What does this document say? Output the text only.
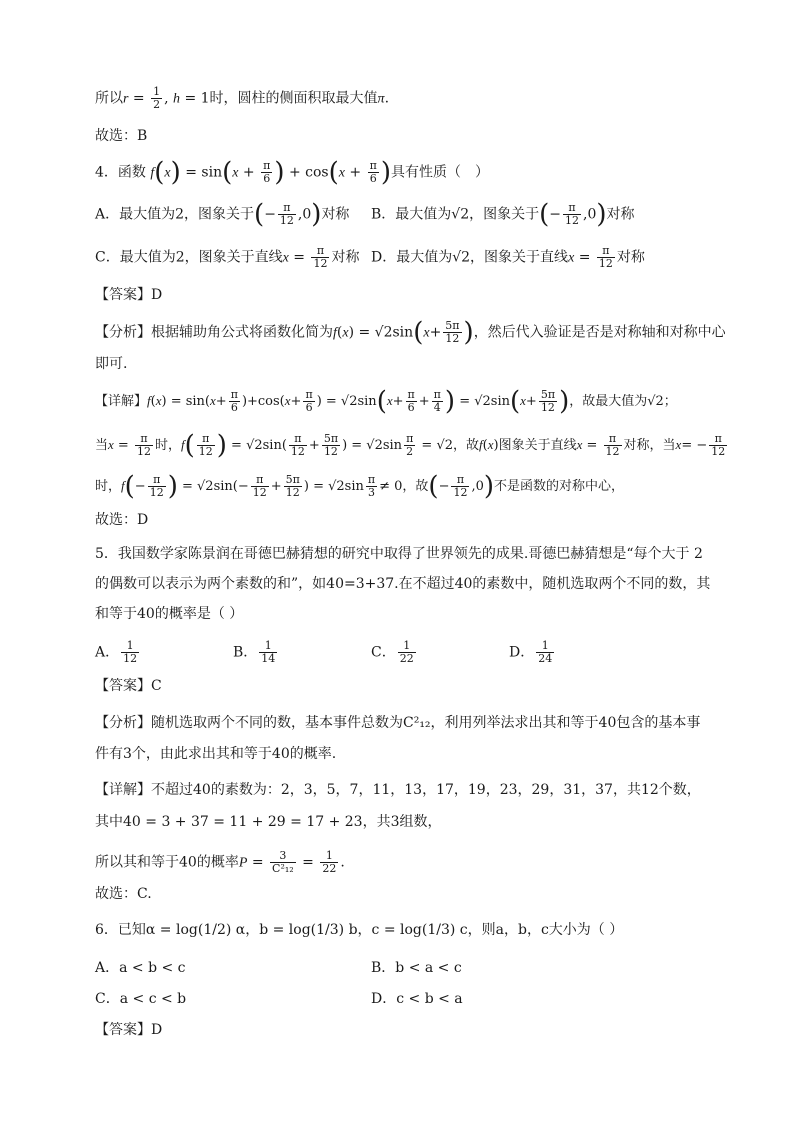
所以$r = \frac{1}{2}$ , h = 1时，圆柱的侧面积取最大值π.
故选：B
4．函数 $f(x) = \sin(x + \frac{\pi}{6}$ ) + $\cos(x + \frac{\pi}{6}$ )具有性质（　）
A．最大值为2，图象关于(− $\frac{\pi}{12} ,0$)对称 B．最大值为√2，图象关于(− $\frac{\pi}{12} ,0$)对称
C．最大值为2，图象关于直线$x = \frac{\pi}{12}$ 对称 D．最大值为√2，图象关于直线$x = \frac{\pi}{12}$ 对称
【答案】D
【分析】根据辅助角公式将函数化简为$f(x) = √2\sin(x+ \frac{5\pi}{12}$ )，然后代入验证是否是对称轴和对称中心
即可.
【详解】$f(x) = \sin(x+ \frac{\pi}{6} )+\cos(x+ \frac{\pi}{6}$ ) = $√2\sin(x+ \frac{\pi}{6} + \frac{\pi}{4}$ ) = $√2\sin(x+ \frac{5\pi}{12}$ )，故最大值为√2；
当$x = \frac{\pi}{12}$ 时，$f( \frac{\pi}{12}$ ) = $√2\sin( \frac{\pi}{12} + \frac{5\pi}{12}$ ) = $√2\sin \frac{\pi}{2} = √2$，故f(x)图象关于直线$x = \frac{\pi}{12}$ 对称，当$x= - \frac{\pi}{12}$
时，$f(- \frac{\pi}{12}$ ) = $√2\sin(- \frac{\pi}{12} + \frac{5\pi}{12}$ ) = $√2\sin \frac{\pi}{3} \ne 0$，故(− $\frac{\pi}{12} ,0$)不是函数的对称中心，
故选：D
5．我国数学家陈景润在哥德巴赫猜想的研究中取得了世界领先的成果.哥德巴赫猜想是“每个大于 2
的偶数可以表示为两个素数的和”，如40=3+37.在不超过40的素数中，随机选取两个不同的数，其
和等于40的概率是（ ）
A． $\frac{1}{12}$	B． $\frac{1}{14}$	C． $\frac{1}{22}$	D． $\frac{1}{24}$
【答案】C
【分析】随机选取两个不同的数，基本事件总数为C²₁₂，利用列举法求出其和等于40包含的基本事
件有3个，由此求出其和等于40的概率.
【详解】不超过40的素数为：2，3，5，7，11，13，17，19，23，29，31，37，共12个数，
其中40 = 3 + 37 = 11 + 29 = 17 + 23，共3组数，
所以其和等于40的概率$P = \frac{3}{\text{C²₁₂}} = \frac{1}{22}$ .
故选：C.
6．已知α = log(1/2) α，b = log(1/3) b，c = log(1/3) c，则a，b，c大小为（ ）
A．a < b < c	B．b < a < c
C．a < c < b	D．c < b < a
【答案】D
